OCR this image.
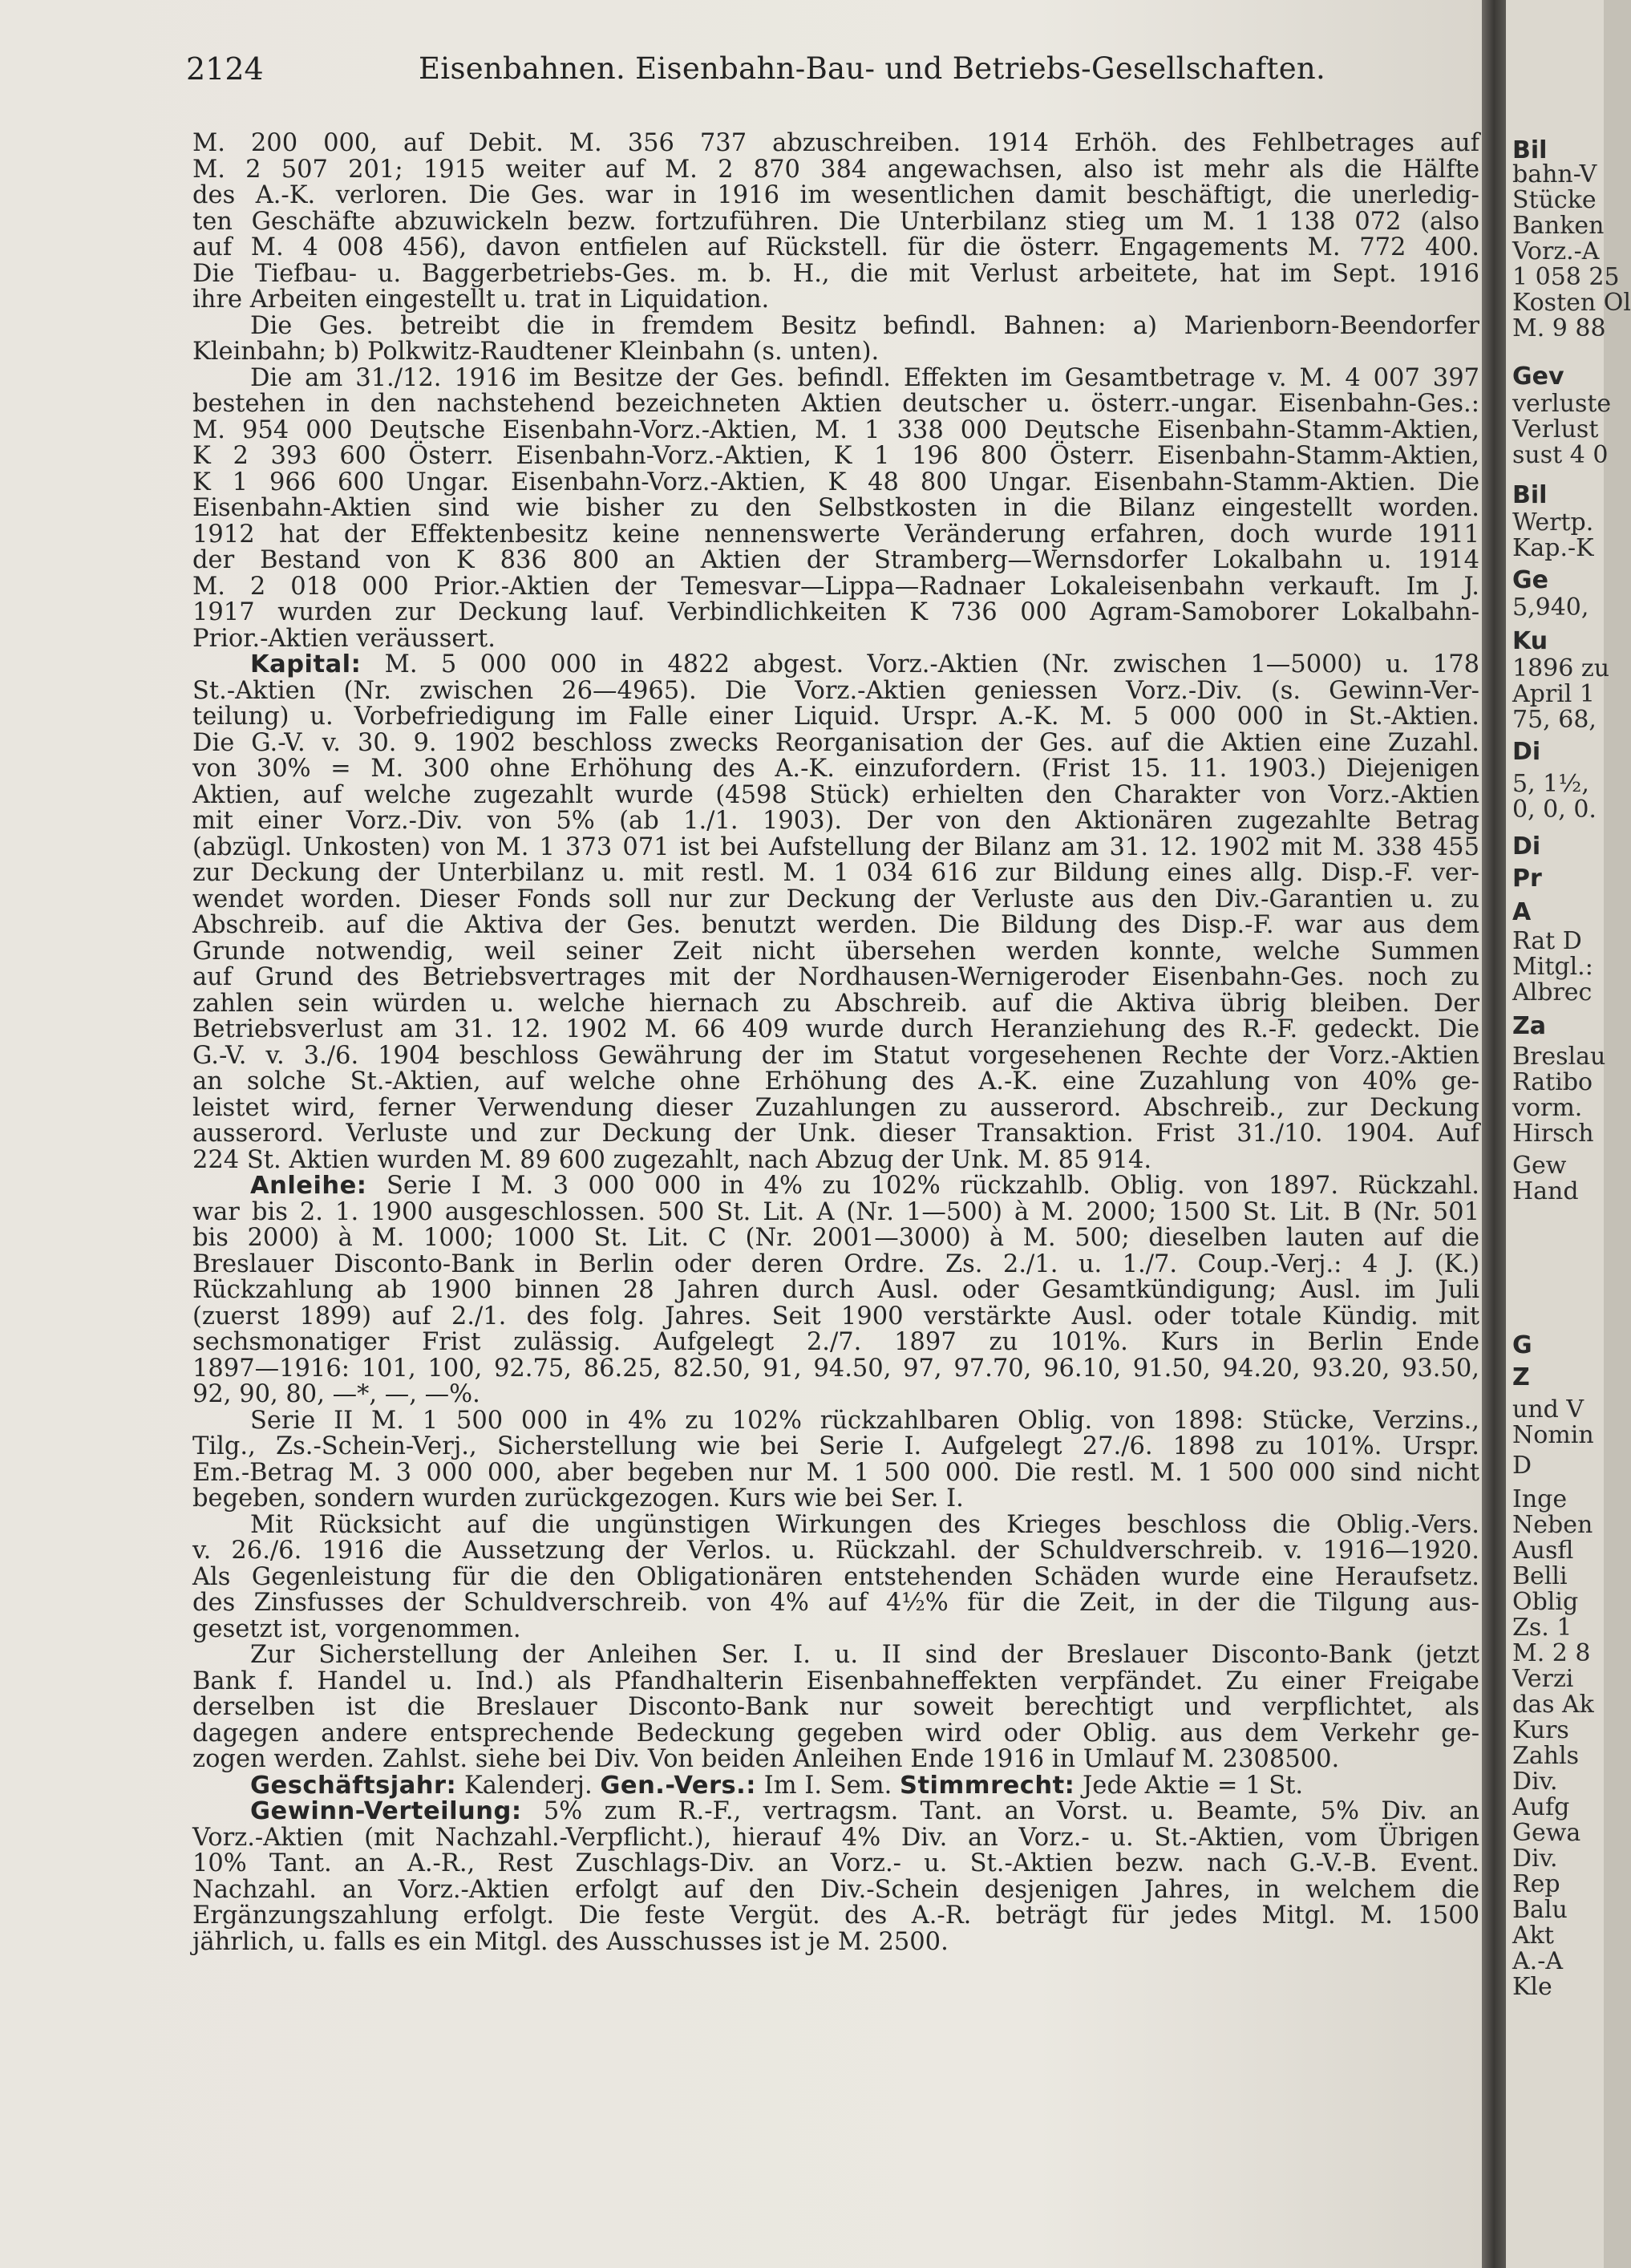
2124	Eisenbahnen. Eisenbahn-Bau- und Betriebs-Gesellschaften.

M. 200 000, auf Debit. M. 356 737 abzuschreiben. 1914 Erhöh. des Fehlbetrages auf
M. 2 507 201; 1915 weiter auf M. 2 870 384 angewachsen, also ist mehr als die Hälfte
des A.-K. verloren. Die Ges. war in 1916 im wesentlichen damit beschäftigt, die unerledig-
ten Geschäfte abzuwickeln bezw. fortzuführen. Die Unterbilanz stieg um M. 1 138 072 (also
auf M. 4 008 456), davon entfielen auf Rückstell. für die österr. Engagements M. 772 400.
Die Tiefbau- u. Baggerbetriebs-Ges. m. b. H., die mit Verlust arbeitete, hat im Sept. 1916
ihre Arbeiten eingestellt u. trat in Liquidation.

Die Ges. betreibt die in fremdem Besitz befindl. Bahnen: a) Marienborn-Beendorfer
Kleinbahn; b) Polkwitz-Raudtener Kleinbahn (s. unten).

Die am 31./12. 1916 im Besitze der Ges. befindl. Effekten im Gesamtbetrage v. M. 4 007 397
bestehen in den nachstehend bezeichneten Aktien deutscher u. österr.-ungar. Eisenbahn-Ges.:
M. 954 000 Deutsche Eisenbahn-Vorz.-Aktien, M. 1 338 000 Deutsche Eisenbahn-Stamm-Aktien,
K 2 393 600 Österr. Eisenbahn-Vorz.-Aktien, K 1 196 800 Österr. Eisenbahn-Stamm-Aktien,
K 1 966 600 Ungar. Eisenbahn-Vorz.-Aktien, K 48 800 Ungar. Eisenbahn-Stamm-Aktien. Die
Eisenbahn-Aktien sind wie bisher zu den Selbstkosten in die Bilanz eingestellt worden.
1912 hat der Effektenbesitz keine nennenswerte Veränderung erfahren, doch wurde 1911
der Bestand von K 836 800 an Aktien der Stramberg—Wernsdorfer Lokalbahn u. 1914
M. 2 018 000 Prior.-Aktien der Temesvar—Lippa—Radnaer Lokaleisenbahn verkauft. Im J.
1917 wurden zur Deckung lauf. Verbindlichkeiten K 736 000 Agram-Samoborer Lokalbahn-
Prior.-Aktien veräussert.

Kapital: M. 5 000 000 in 4822 abgest. Vorz.-Aktien (Nr. zwischen 1—5000) u. 178
St.-Aktien (Nr. zwischen 26—4965). Die Vorz.-Aktien geniessen Vorz.-Div. (s. Gewinn-Ver-
teilung) u. Vorbefriedigung im Falle einer Liquid. Urspr. A.-K. M. 5 000 000 in St.-Aktien.
Die G.-V. v. 30. 9. 1902 beschloss zwecks Reorganisation der Ges. auf die Aktien eine Zuzahl.
von 30% = M. 300 ohne Erhöhung des A.-K. einzufordern. (Frist 15. 11. 1903.) Diejenigen
Aktien, auf welche zugezahlt wurde (4598 Stück) erhielten den Charakter von Vorz.-Aktien
mit einer Vorz.-Div. von 5% (ab 1./1. 1903). Der von den Aktionären zugezahlte Betrag
(abzügl. Unkosten) von M. 1 373 071 ist bei Aufstellung der Bilanz am 31. 12. 1902 mit M. 338 455
zur Deckung der Unterbilanz u. mit restl. M. 1 034 616 zur Bildung eines allg. Disp.-F. ver-
wendet worden. Dieser Fonds soll nur zur Deckung der Verluste aus den Div.-Garantien u. zu
Abschreib. auf die Aktiva der Ges. benutzt werden. Die Bildung des Disp.-F. war aus dem
Grunde notwendig, weil seiner Zeit nicht übersehen werden konnte, welche Summen
auf Grund des Betriebsvertrages mit der Nordhausen-Wernigeroder Eisenbahn-Ges. noch zu
zahlen sein würden u. welche hiernach zu Abschreib. auf die Aktiva übrig bleiben. Der
Betriebsverlust am 31. 12. 1902 M. 66 409 wurde durch Heranziehung des R.-F. gedeckt. Die
G.-V. v. 3./6. 1904 beschloss Gewährung der im Statut vorgesehenen Rechte der Vorz.-Aktien
an solche St.-Aktien, auf welche ohne Erhöhung des A.-K. eine Zuzahlung von 40% ge-
leistet wird, ferner Verwendung dieser Zuzahlungen zu ausserord. Abschreib., zur Deckung
ausserord. Verluste und zur Deckung der Unk. dieser Transaktion. Frist 31./10. 1904. Auf
224 St. Aktien wurden M. 89 600 zugezahlt, nach Abzug der Unk. M. 85 914.

Anleihe: Serie I M. 3 000 000 in 4% zu 102% rückzahlb. Oblig. von 1897. Rückzahl.
war bis 2. 1. 1900 ausgeschlossen. 500 St. Lit. A (Nr. 1—500) à M. 2000; 1500 St. Lit. B (Nr. 501
bis 2000) à M. 1000; 1000 St. Lit. C (Nr. 2001—3000) à M. 500; dieselben lauten auf die
Breslauer Disconto-Bank in Berlin oder deren Ordre. Zs. 2./1. u. 1./7. Coup.-Verj.: 4 J. (K.)
Rückzahlung ab 1900 binnen 28 Jahren durch Ausl. oder Gesamtkündigung; Ausl. im Juli
(zuerst 1899) auf 2./1. des folg. Jahres. Seit 1900 verstärkte Ausl. oder totale Kündig. mit
sechsmonatiger Frist zulässig. Aufgelegt 2./7. 1897 zu 101%. Kurs in Berlin Ende
1897—1916: 101, 100, 92.75, 86.25, 82.50, 91, 94.50, 97, 97.70, 96.10, 91.50, 94.20, 93.20, 93.50,
92, 90, 80, —*, —, —%.

Serie II M. 1 500 000 in 4% zu 102% rückzahlbaren Oblig. von 1898: Stücke, Verzins.,
Tilg., Zs.-Schein-Verj., Sicherstellung wie bei Serie I. Aufgelegt 27./6. 1898 zu 101%. Urspr.
Em.-Betrag M. 3 000 000, aber begeben nur M. 1 500 000. Die restl. M. 1 500 000 sind nicht
begeben, sondern wurden zurückgezogen. Kurs wie bei Ser. I.

Mit Rücksicht auf die ungünstigen Wirkungen des Krieges beschloss die Oblig.-Vers.
v. 26./6. 1916 die Aussetzung der Verlos. u. Rückzahl. der Schuldverschreib. v. 1916—1920.
Als Gegenleistung für die den Obligationären entstehenden Schäden wurde eine Heraufsetz.
des Zinsfusses der Schuldverschreib. von 4% auf 4½% für die Zeit, in der die Tilgung aus-
gesetzt ist, vorgenommen.

Zur Sicherstellung der Anleihen Ser. I. u. II sind der Breslauer Disconto-Bank (jetzt
Bank f. Handel u. Ind.) als Pfandhalterin Eisenbahneffekten verpfändet. Zu einer Freigabe
derselben ist die Breslauer Disconto-Bank nur soweit berechtigt und verpflichtet, als
dagegen andere entsprechende Bedeckung gegeben wird oder Oblig. aus dem Verkehr ge-
zogen werden. Zahlst. siehe bei Div. Von beiden Anleihen Ende 1916 in Umlauf M. 2308500.

Geschäftsjahr: Kalenderj. Gen.-Vers.: Im I. Sem. Stimmrecht: Jede Aktie = 1 St.

Gewinn-Verteilung: 5% zum R.-F., vertragsm. Tant. an Vorst. u. Beamte, 5% Div. an
Vorz.-Aktien (mit Nachzahl.-Verpflicht.), hierauf 4% Div. an Vorz.- u. St.-Aktien, vom Übrigen
10% Tant. an A.-R., Rest Zuschlags-Div. an Vorz.- u. St.-Aktien bezw. nach G.-V.-B. Event.
Nachzahl. an Vorz.-Aktien erfolgt auf den Div.-Schein desjenigen Jahres, in welchem die
Ergänzungszahlung erfolgt. Die feste Vergüt. des A.-R. beträgt für jedes Mitgl. M. 1500
jährlich, u. falls es ein Mitgl. des Ausschusses ist je M. 2500.

Bil
bahn-V
Stücke
Banken
Vorz.-A
1 058 25
Kosten Ol
M. 9 88
Gev
verluste
Verlust
sust 4 0
Bil
Wertp.
Kap.-K
Ge
5,940,
Ku
1896 zu
April 1
75, 68,
Di
5, 1½,
0, 0, 0.
Di
Pr
A
Rat D
Mitgl.:
Albrec
Za
Breslau
Ratibo
vorm.
Hirsch
Gew
Hand
G
Z
und V
Nomin
D
Inge
Neben
Ausfl
Belli
Oblig
Zs. 1
M. 2 8
Verzi
das Ak
Kurs
Zahls
Div.
Aufg
Gewa
Div.
Rep
Balu
Akt
A.-A
Kle
